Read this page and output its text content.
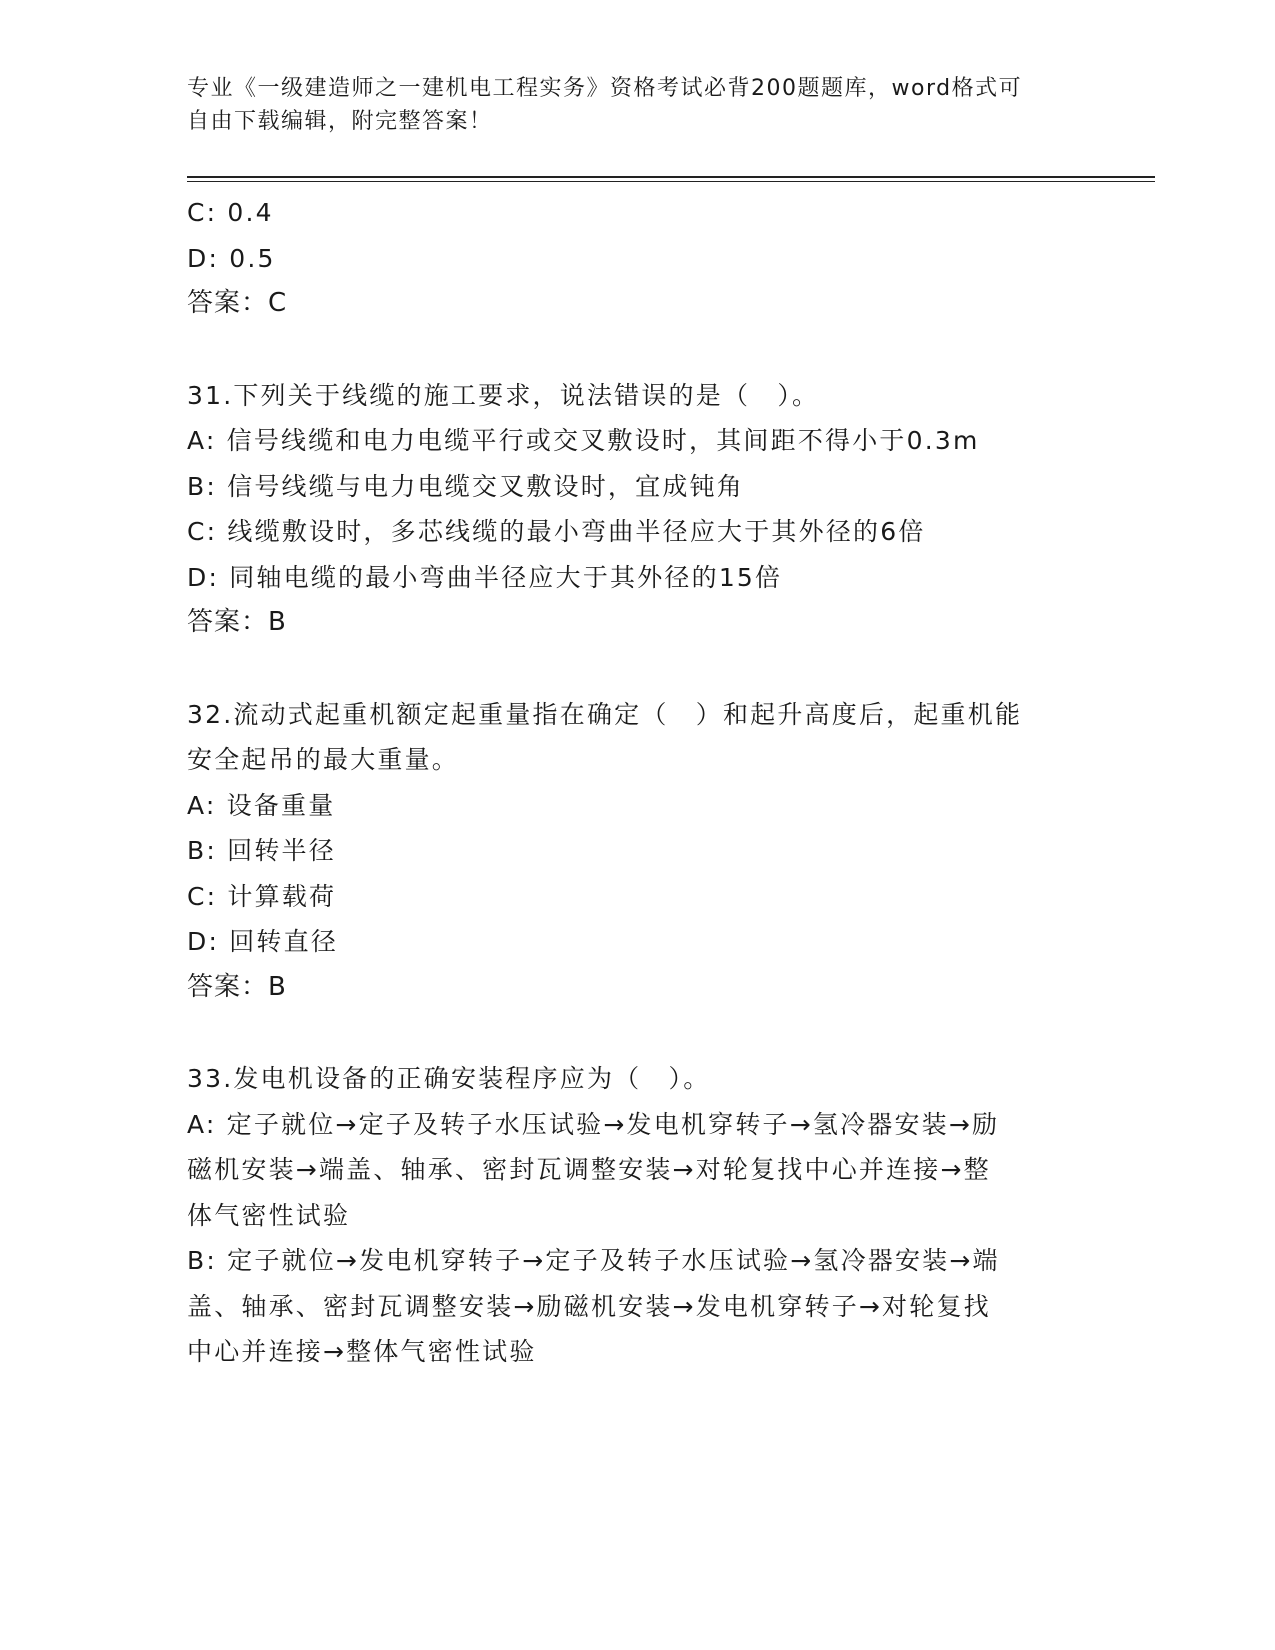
专业《一级建造师之一建机电工程实务》资格考试必背200题题库，word格式可
自由下载编辑，附完整答案！
C: 0.4
D: 0.5
答案：C
31.下列关于线缆的施工要求，说法错误的是（　）。
A: 信号线缆和电力电缆平行或交叉敷设时，其间距不得小于0.3m
B: 信号线缆与电力电缆交叉敷设时，宜成钝角
C: 线缆敷设时，多芯线缆的最小弯曲半径应大于其外径的6倍
D: 同轴电缆的最小弯曲半径应大于其外径的15倍
答案：B
32.流动式起重机额定起重量指在确定（　）和起升高度后，起重机能
安全起吊的最大重量。
A: 设备重量
B: 回转半径
C: 计算载荷
D: 回转直径
答案：B
33.发电机设备的正确安装程序应为（　）。
A: 定子就位→定子及转子水压试验→发电机穿转子→氢冷器安装→励
磁机安装→端盖、轴承、密封瓦调整安装→对轮复找中心并连接→整
体气密性试验
B: 定子就位→发电机穿转子→定子及转子水压试验→氢冷器安装→端
盖、轴承、密封瓦调整安装→励磁机安装→发电机穿转子→对轮复找
中心并连接→整体气密性试验
